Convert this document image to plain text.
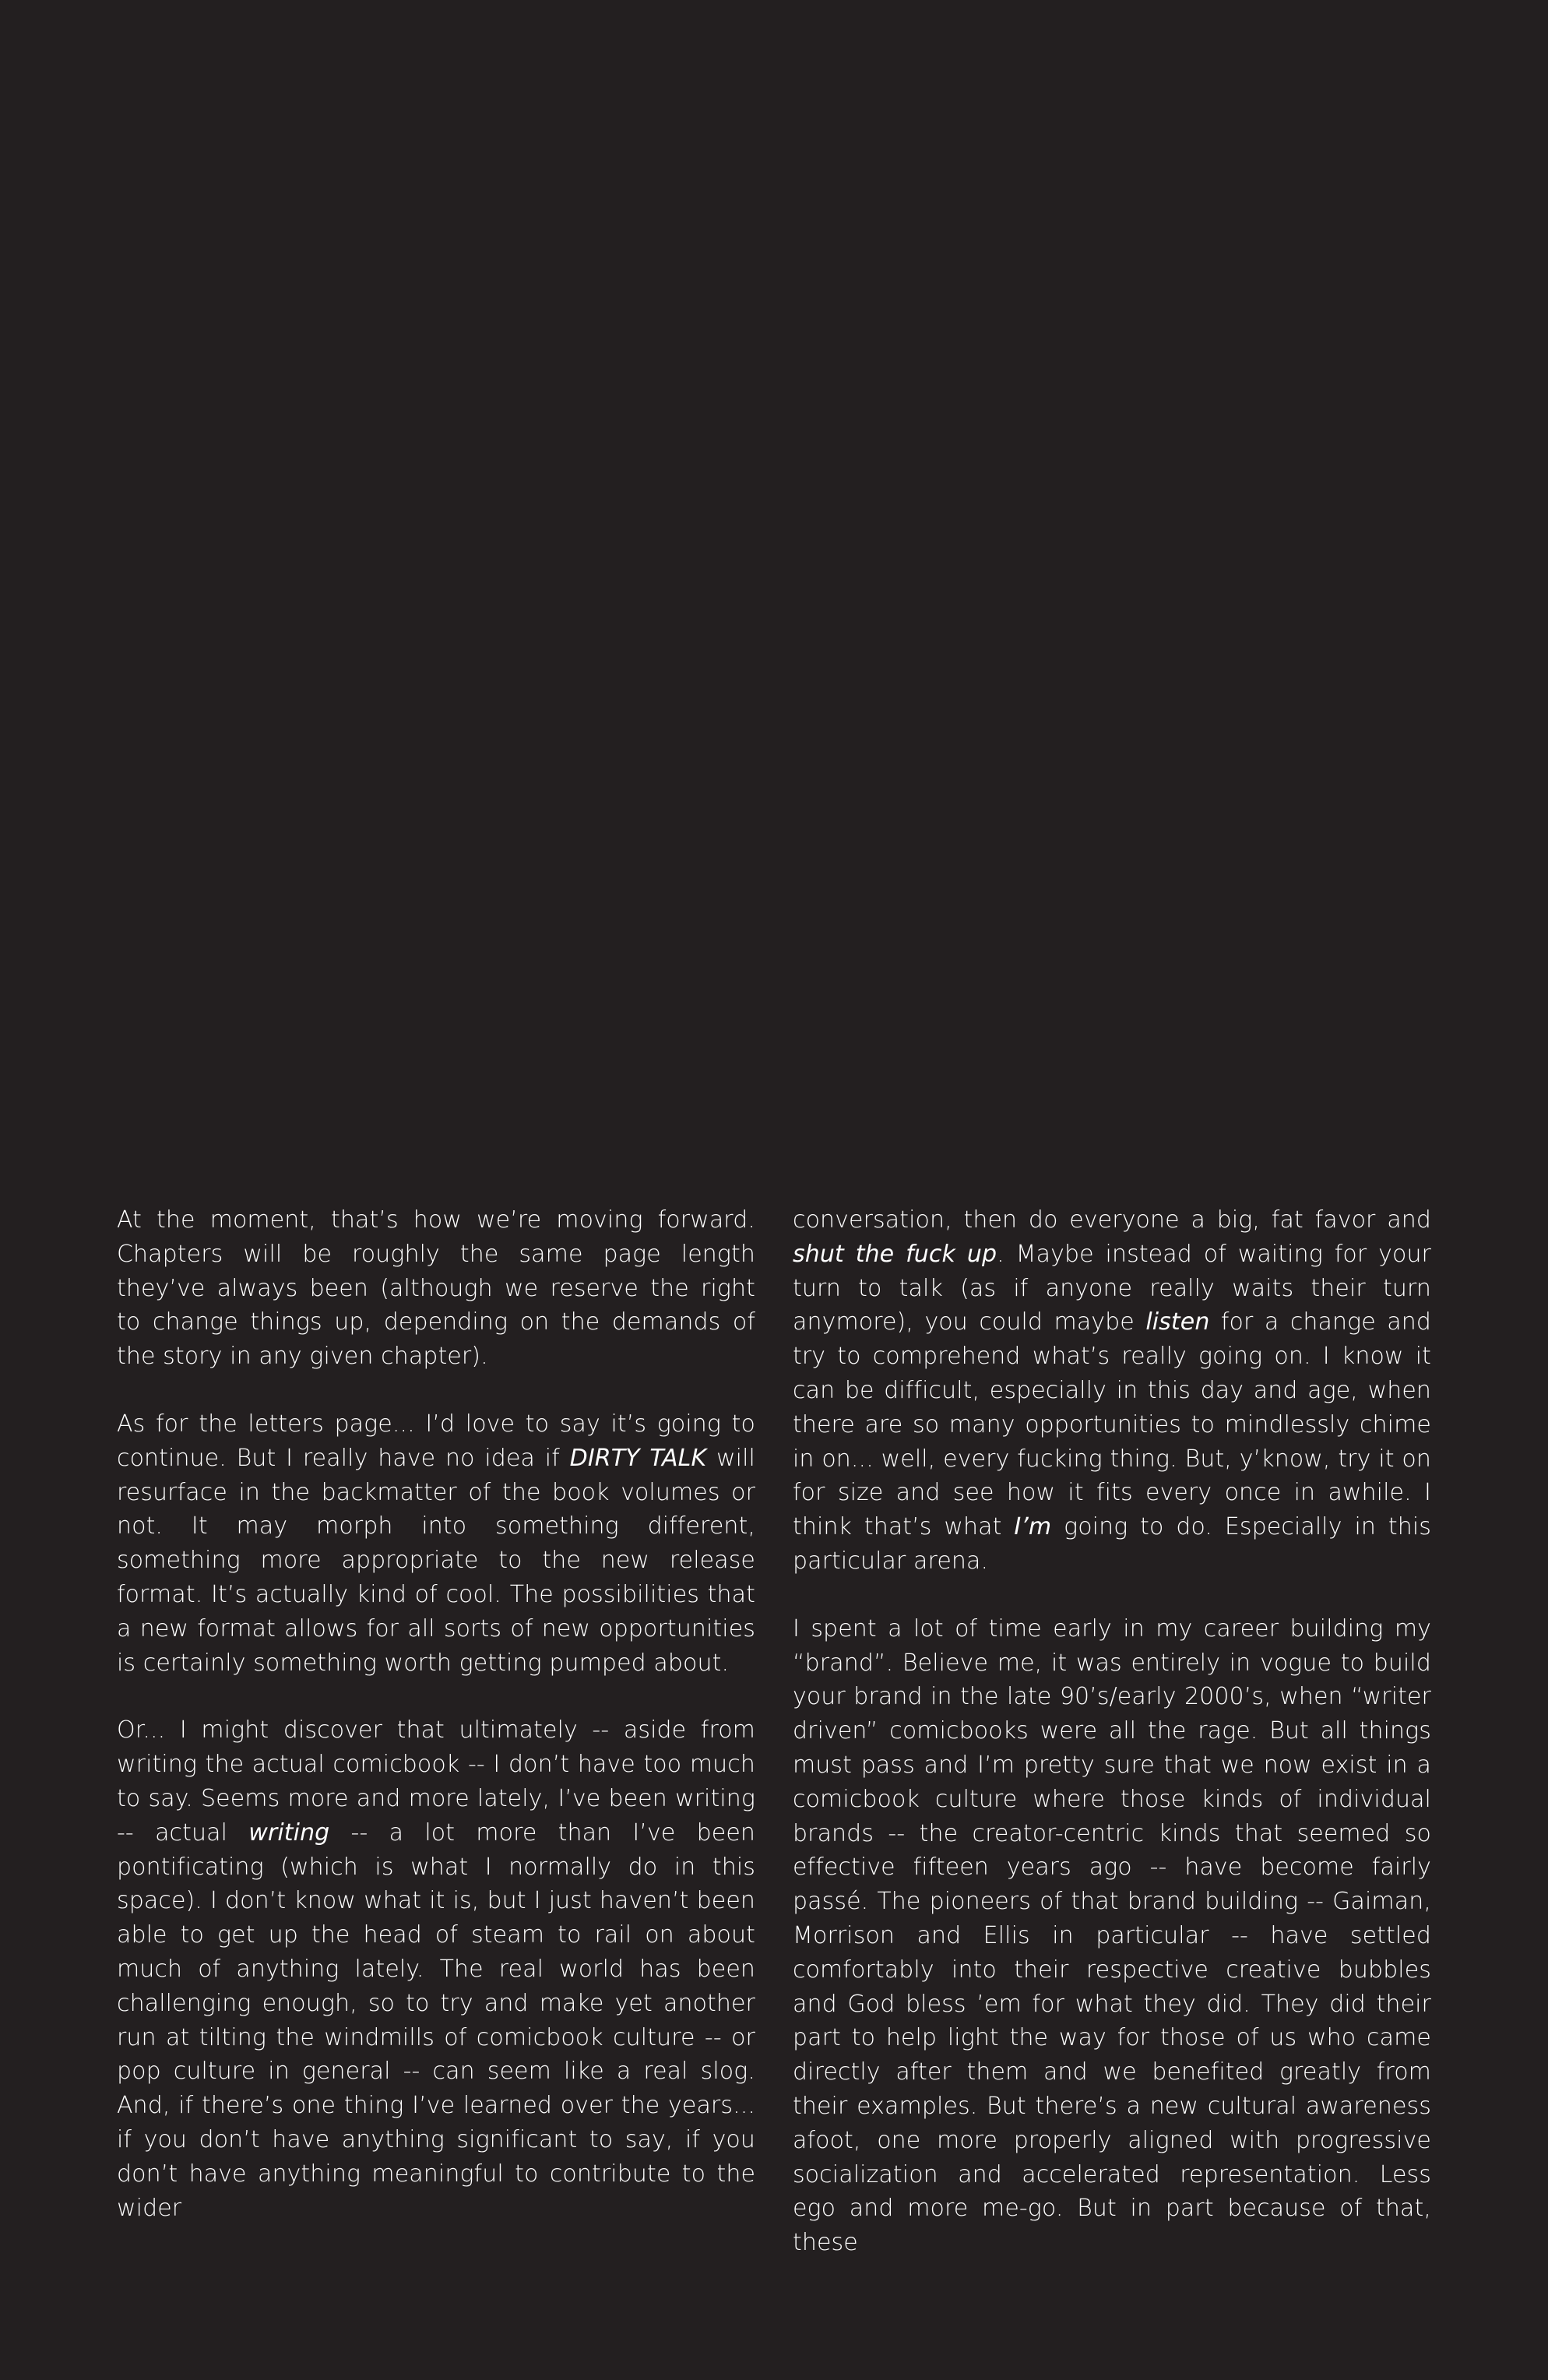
At the moment, that’s how we’re moving forward. Chapters will be roughly the same page length they’ve always been (although we reserve the right to change things up, depending on the demands of the story in any given chapter).

As for the letters page... I’d love to say it’s going to continue. But I really have no idea if DIRTY TALK will resurface in the backmatter of the book volumes or not. It may morph into something different, something more appropriate to the new release format. It’s actually kind of cool. The possibilities that a new format allows for all sorts of new opportunities is certainly something worth getting pumped about.

Or... I might discover that ultimately -- aside from writing the actual comicbook -- I don’t have too much to say. Seems more and more lately, I’ve been writing -- actual writing -- a lot more than I’ve been pontificating (which is what I normally do in this space). I don’t know what it is, but I just haven’t been able to get up the head of steam to rail on about much of anything lately. The real world has been challenging enough, so to try and make yet another run at tilting the windmills of comicbook culture -- or pop culture in general -- can seem like a real slog. And, if there’s one thing I’ve learned over the years... if you don’t have anything significant to say, if you don’t have anything meaningful to contribute to the wider

conversation, then do everyone a big, fat favor and shut the fuck up. Maybe instead of waiting for your turn to talk (as if anyone really waits their turn anymore), you could maybe listen for a change and try to comprehend what’s really going on. I know it can be difficult, especially in this day and age, when there are so many opportunities to mindlessly chime in on... well, every fucking thing. But, y’know, try it on for size and see how it fits every once in awhile. I think that’s what I’m going to do. Especially in this particular arena.

I spent a lot of time early in my career building my “brand”. Believe me, it was entirely in vogue to build your brand in the late 90’s/early 2000’s, when “writer driven” comicbooks were all the rage. But all things must pass and I’m pretty sure that we now exist in a comicbook culture where those kinds of individual brands -- the creator-centric kinds that seemed so effective fifteen years ago -- have become fairly passé. The pioneers of that brand building -- Gaiman, Morrison and Ellis in particular -- have settled comfortably into their respective creative bubbles and God bless ’em for what they did. They did their part to help light the way for those of us who came directly after them and we benefited greatly from their examples. But there’s a new cultural awareness afoot, one more properly aligned with progressive socialization and accelerated representation. Less ego and more me-go. But in part because of that, these
